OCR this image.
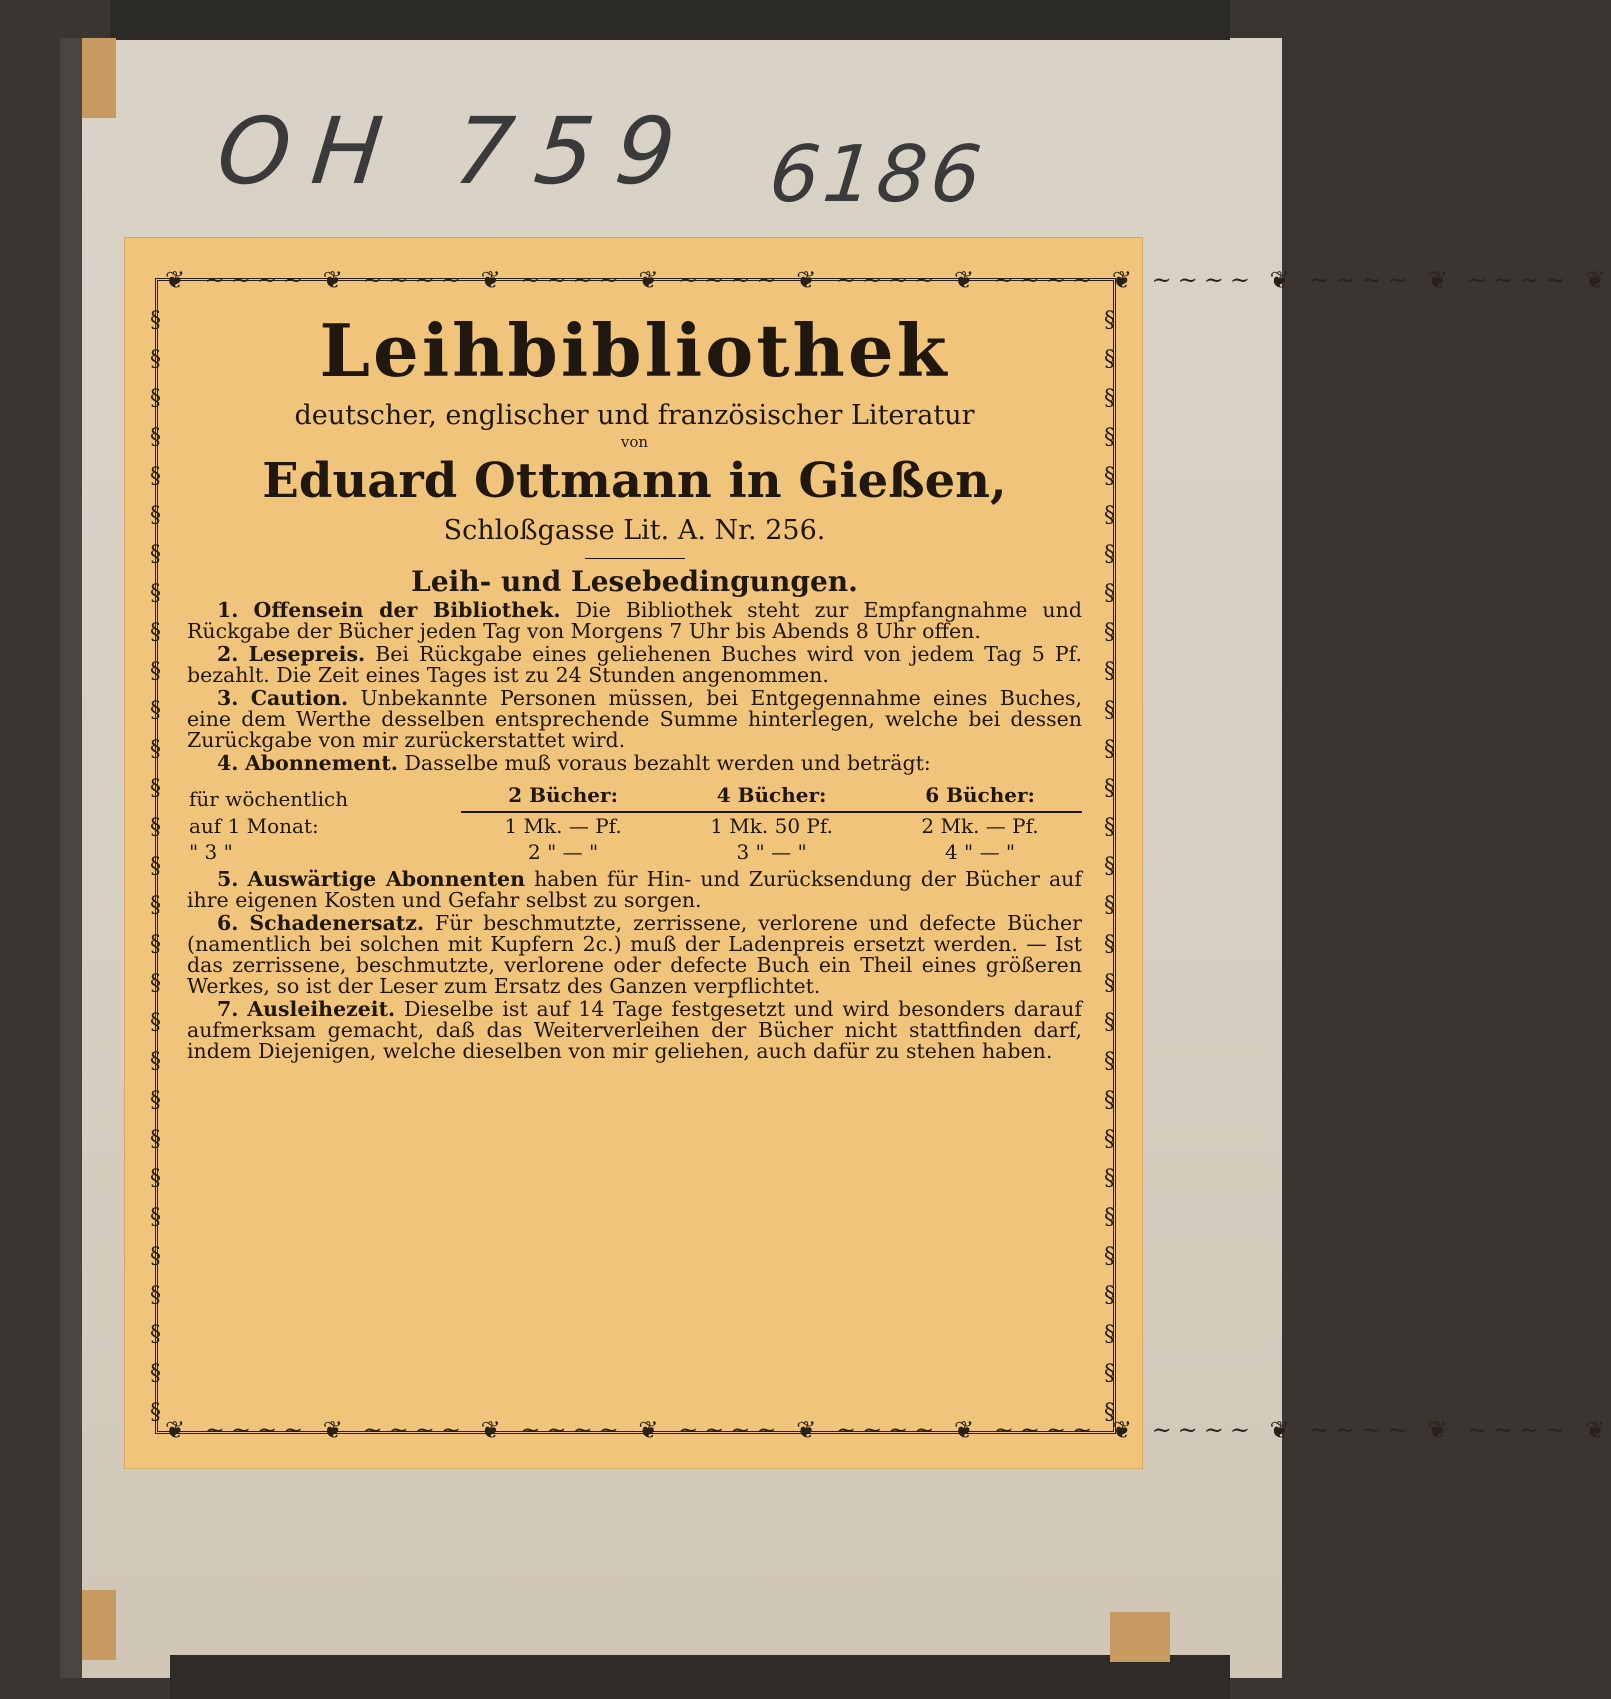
OH 759 6186
❦ ~~~~ ❦ ~~~~ ❦ ~~~~ ❦ ~~~~ ❦ ~~~~ ❦ ~~~~ ❦ ~~~~ ❦ ~~~~ ❦ ~~~~ ❦
❦ ~~~~ ❦ ~~~~ ❦ ~~~~ ❦ ~~~~ ❦ ~~~~ ❦ ~~~~ ❦ ~~~~ ❦ ~~~~ ❦ ~~~~ ❦
§§§§§§§§§§§§§§§§§§§§§§§§§§§§§	§§§§§§§§§§§§§§§§§§§§§§§§§§§§§
Leihbibliothek
deutscher, englischer und französischer Literatur
von
Eduard Ottmann in Gießen,
Schloßgasse Lit. A. Nr. 256.
Leih- und Lesebedingungen.
1. Offensein der Bibliothek. Die Bibliothek steht zur Empfangnahme und Rückgabe der Bücher jeden Tag von Morgens 7 Uhr bis Abends 8 Uhr offen.
2. Lesepreis. Bei Rückgabe eines geliehenen Buches wird von jedem Tag 5 Pf. bezahlt. Die Zeit eines Tages ist zu 24 Stunden angenommen.
3. Caution. Unbekannte Personen müssen, bei Entgegennahme eines Buches, eine dem Werthe desselben entsprechende Summe hinterlegen, welche bei dessen Zurückgabe von mir zurückerstattet wird.
4. Abonnement. Dasselbe muß voraus bezahlt werden und beträgt:
für wöchentlich	2 Bücher:	4 Bücher:	6 Bücher:
auf 1 Monat:	1 Mk. — Pf.	1 Mk. 50 Pf.	2 Mk. — Pf.
" 3 "	2 " — "	3 " — "	4 " — "
5. Auswärtige Abonnenten haben für Hin- und Zurücksendung der Bücher auf ihre eigenen Kosten und Gefahr selbst zu sorgen.
6. Schadenersatz. Für beschmutzte, zerrissene, verlorene und defecte Bücher (namentlich bei solchen mit Kupfern 2c.) muß der Ladenpreis ersetzt werden. — Ist das zerrissene, beschmutzte, verlorene oder defecte Buch ein Theil eines größeren Werkes, so ist der Leser zum Ersatz des Ganzen verpflichtet.
7. Ausleihezeit. Dieselbe ist auf 14 Tage festgesetzt und wird besonders darauf aufmerksam gemacht, daß das Weiterverleihen der Bücher nicht stattfinden darf, indem Diejenigen, welche dieselben von mir geliehen, auch dafür zu stehen haben.
